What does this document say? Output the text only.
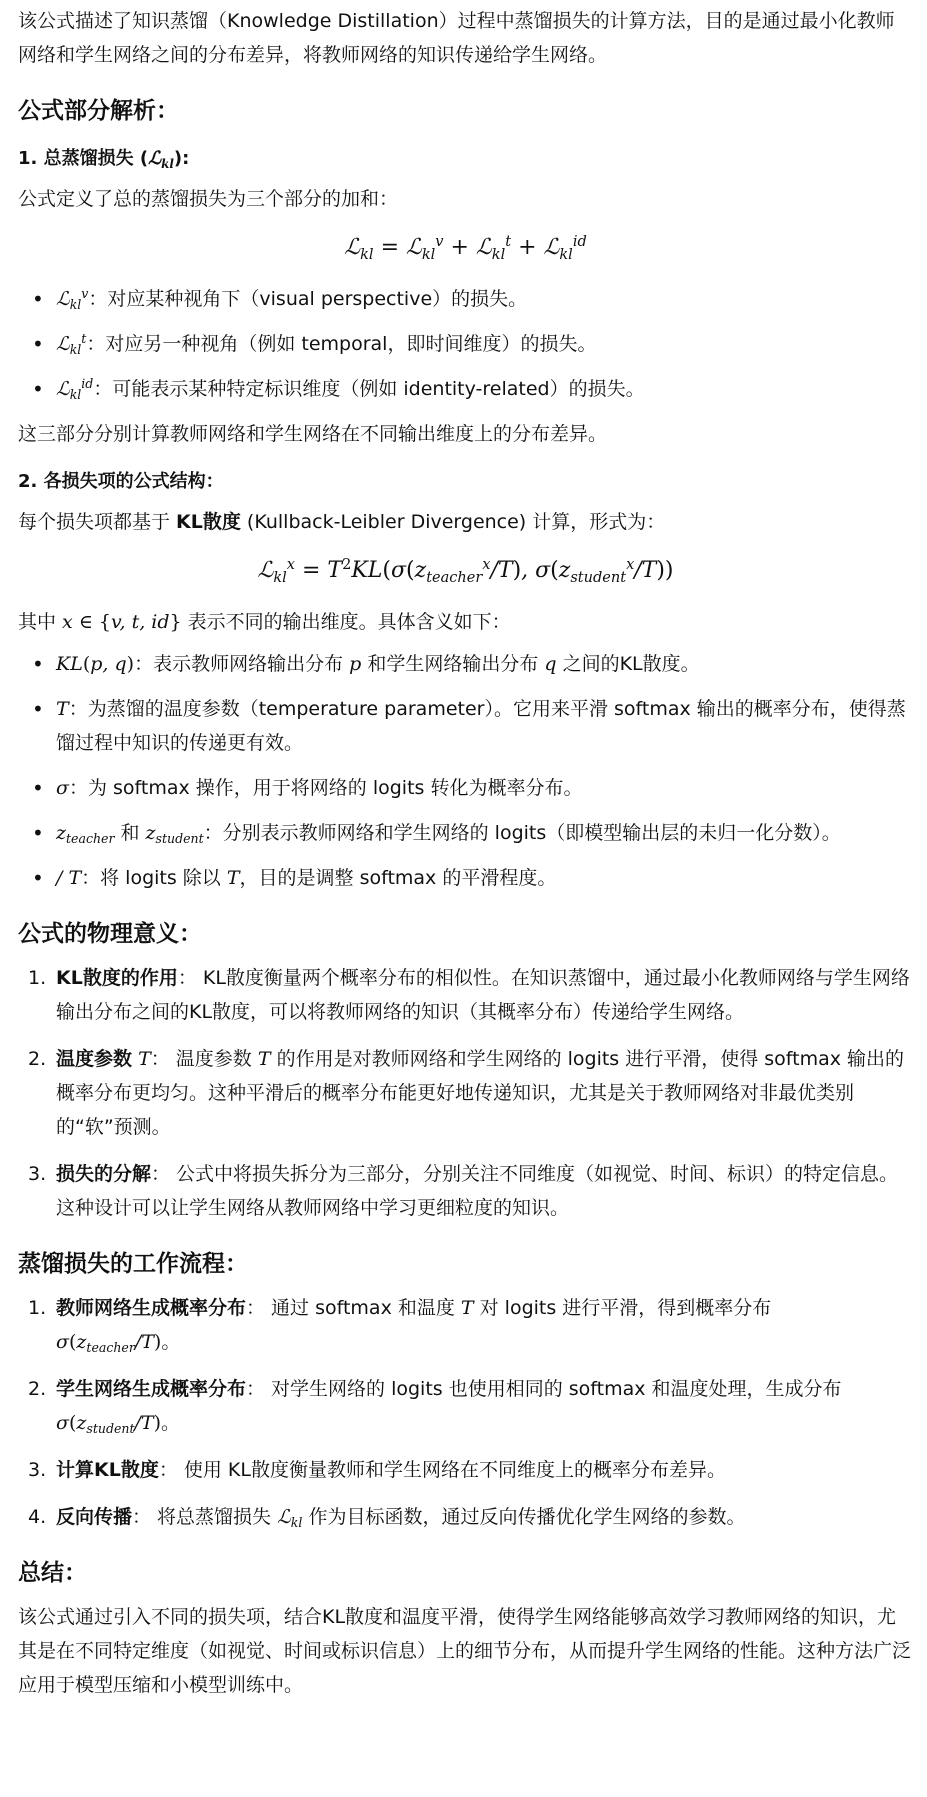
该公式描述了知识蒸馏（Knowledge Distillation）过程中蒸馏损失的计算方法，目的是通过最小化教师网络和学生网络之间的分布差异，将教师网络的知识传递给学生网络。

公式部分解析：
1. 总蒸馏损失 (ℒ$_{kl}$):

公式定义了总的蒸馏损失为三个部分的加和：

ℒ$_{kl}$ = ℒ$_{kl}^v$ + ℒ$_{kl}^t$ + ℒ$_{kl}^{id}$
• ℒ$_{kl}^v$：对应某种视角下（visual perspective）的损失。
• ℒ$_{kl}^t$：对应另一种视角（例如 temporal，即时间维度）的损失。
• ℒ$_{kl}^{id}$：可能表示某种特定标识维度（例如 identity-related）的损失。

这三部分分别计算教师网络和学生网络在不同输出维度上的分布差异。

2. 各损失项的公式结构：

每个损失项都基于 KL散度 (Kullback-Leibler Divergence) 计算，形式为：

ℒ$_{kl}^x$ = $T^2KL(\sigma(z_{teacher}^x/T)$, $\sigma(z_{student}^x/T)$)

其中 x ∈ {v, t, id} 表示不同的输出维度。具体含义如下：

• KL(p, q)：表示教师网络输出分布 p 和学生网络输出分布 q 之间的KL散度。
• T：为蒸馏的温度参数（temperature parameter）。它用来平滑 softmax 输出的概率分布，使得蒸馏过程中知识的传递更有效。
• σ：为 softmax 操作，用于将网络的 logits 转化为概率分布。
• $z_{teacher}$ 和 $z_{student}$：分别表示教师网络和学生网络的 logits（即模型输出层的未归一化分数）。
• / T：将 logits 除以 T，目的是调整 softmax 的平滑程度。
公式的物理意义：
1. KL散度的作用： KL散度衡量两个概率分布的相似性。在知识蒸馏中，通过最小化教师网络与学生网络输出分布之间的KL散度，可以将教师网络的知识（其概率分布）传递给学生网络。
2. 温度参数 T： 温度参数 T 的作用是对教师网络和学生网络的 logits 进行平滑，使得 softmax 输出的概率分布更均匀。这种平滑后的概率分布能更好地传递知识，尤其是关于教师网络对非最优类别的“软”预测。
3. 损失的分解： 公式中将损失拆分为三部分，分别关注不同维度（如视觉、时间、标识）的特定信息。这种设计可以让学生网络从教师网络中学习更细粒度的知识。
蒸馏损失的工作流程：
1. 教师网络生成概率分布： 通过 softmax 和温度 T 对 logits 进行平滑，得到概率分布
$\sigma(z_{teacher}/T)$。
2. 学生网络生成概率分布： 对学生网络的 logits 也使用相同的 softmax 和温度处理，生成分布
$\sigma(z_{student}/T)$。
3. 计算KL散度： 使用 KL散度衡量教师和学生网络在不同维度上的概率分布差异。
4. 反向传播： 将总蒸馏损失 ℒ$_{kl}$ 作为目标函数，通过反向传播优化学生网络的参数。
总结：

该公式通过引入不同的损失项，结合KL散度和温度平滑，使得学生网络能够高效学习教师网络的知识，尤其是在不同特定维度（如视觉、时间或标识信息）上的细节分布，从而提升学生网络的性能。这种方法广泛应用于模型压缩和小模型训练中。
